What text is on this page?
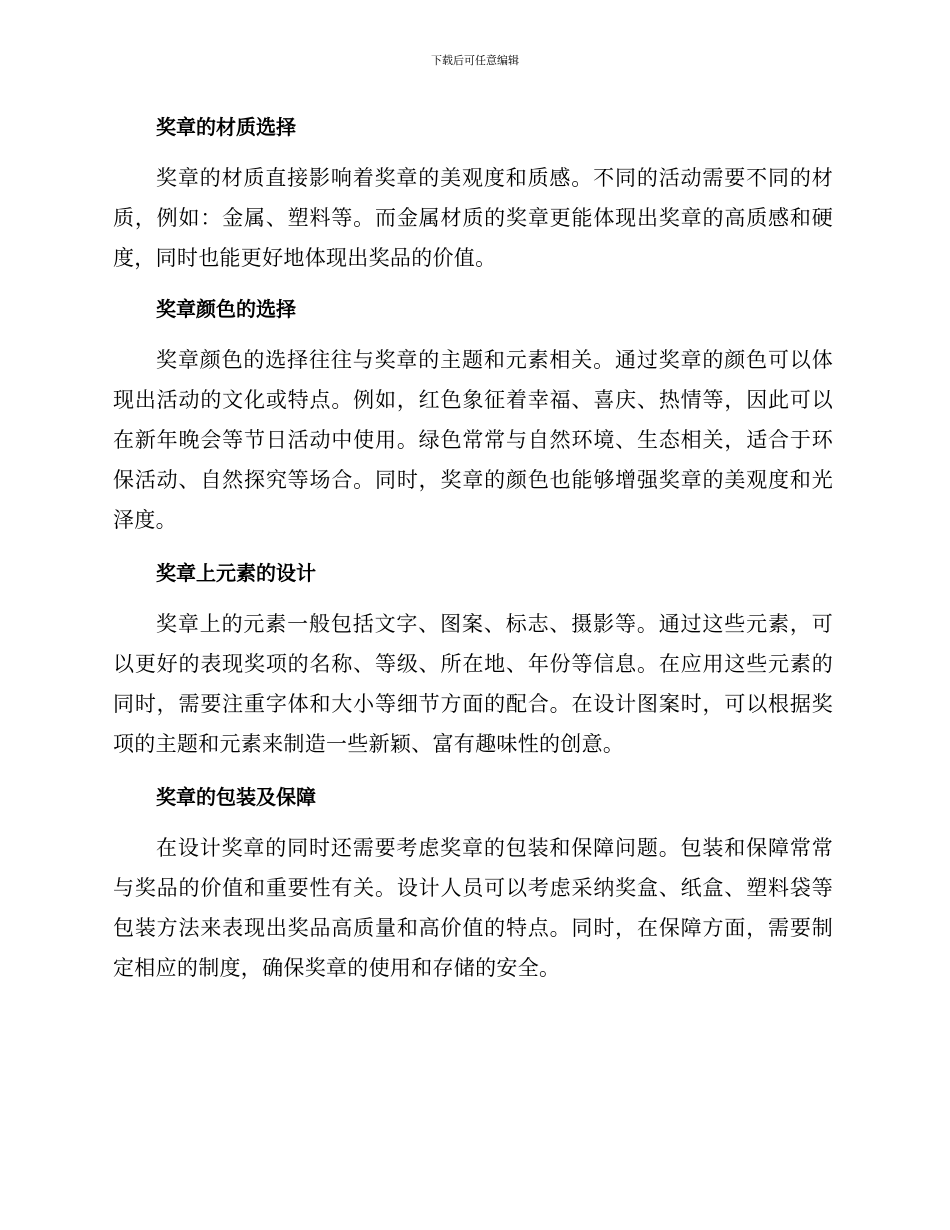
下载后可任意编辑
奖章的材质选择

奖章的材质直接影响着奖章的美观度和质感。不同的活动需要不同的材质，例如：金属、塑料等。而金属材质的奖章更能体现出奖章的高质感和硬度，同时也能更好地体现出奖品的价值。

奖章颜色的选择

奖章颜色的选择往往与奖章的主题和元素相关。通过奖章的颜色可以体现出活动的文化或特点。例如，红色象征着幸福、喜庆、热情等，因此可以在新年晚会等节日活动中使用。绿色常常与自然环境、生态相关，适合于环保活动、自然探究等场合。同时，奖章的颜色也能够增强奖章的美观度和光泽度。

奖章上元素的设计

奖章上的元素一般包括文字、图案、标志、摄影等。通过这些元素，可以更好的表现奖项的名称、等级、所在地、年份等信息。在应用这些元素的同时，需要注重字体和大小等细节方面的配合。在设计图案时，可以根据奖项的主题和元素来制造一些新颖、富有趣味性的创意。

奖章的包装及保障

在设计奖章的同时还需要考虑奖章的包装和保障问题。包装和保障常常与奖品的价值和重要性有关。设计人员可以考虑采纳奖盒、纸盒、塑料袋等包装方法来表现出奖品高质量和高价值的特点。同时，在保障方面，需要制定相应的制度，确保奖章的使用和存储的安全。
